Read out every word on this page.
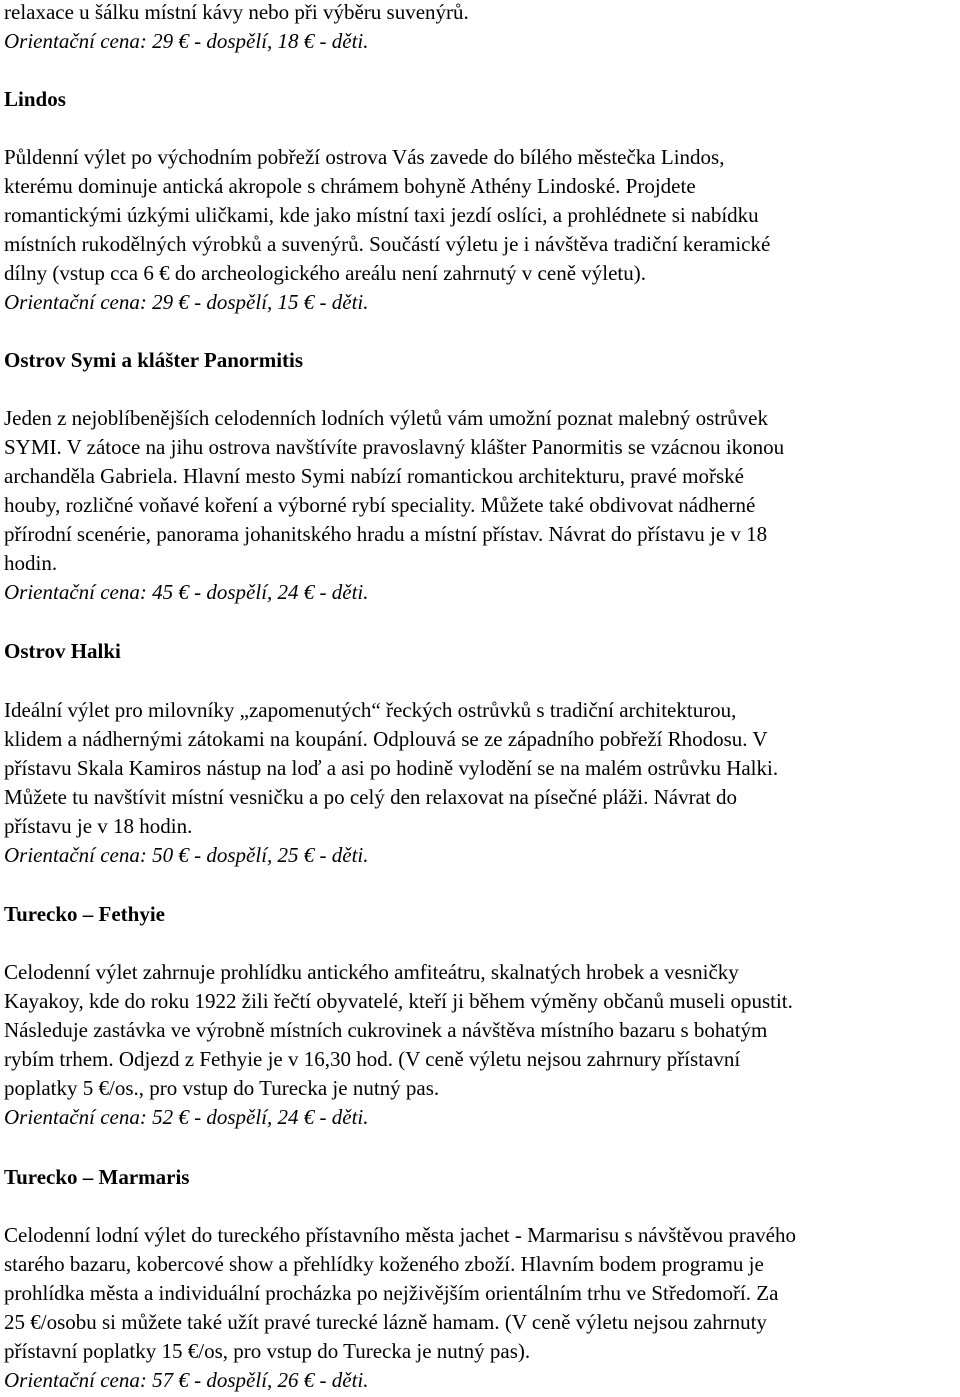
relaxace u šálku místní kávy nebo při výběru suvenýrů.
Orientační cena: 29 € - dospělí, 18 € - děti.
Lindos
Půldenní výlet po východním pobřeží ostrova Vás zavede do bílého městečka Lindos,
kterému dominuje antická akropole s chrámem bohyně Athény Lindoské. Projdete
romantickými úzkými uličkami, kde jako místní taxi jezdí oslíci, a prohlédnete si nabídku
místních rukodělných výrobků a suvenýrů. Součástí výletu je i návštěva tradiční keramické
dílny (vstup cca 6 € do archeologického areálu není zahrnutý v ceně výletu).
Orientační cena: 29 € - dospělí, 15 € - děti.
Ostrov Symi a klášter Panormitis
Jeden z nejoblíbenějších celodenních lodních výletů vám umožní poznat malebný ostrůvek
SYMI. V zátoce na jihu ostrova navštívíte pravoslavný klášter Panormitis se vzácnou ikonou
archanděla Gabriela. Hlavní mesto Symi nabízí romantickou architekturu, pravé mořské
houby, rozličné voňavé koření a výborné rybí speciality. Můžete také obdivovat nádherné
přírodní scenérie, panorama johanitského hradu a místní přístav. Návrat do přístavu je v 18
hodin.
Orientační cena: 45 € - dospělí, 24 € - děti.
Ostrov Halki
Ideální výlet pro milovníky „zapomenutých“ řeckých ostrůvků s tradiční architekturou,
klidem a nádhernými zátokami na koupání. Odplouvá se ze západního pobřeží Rhodosu. V
přístavu Skala Kamiros nástup na loď a asi po hodině vylodění se na malém ostrůvku Halki.
Můžete tu navštívit místní vesničku a po celý den relaxovat na písečné pláži. Návrat do
přístavu je v 18 hodin.
Orientační cena: 50 € - dospělí, 25 € - děti.
Turecko – Fethyie
Celodenní výlet zahrnuje prohlídku antického amfiteátru, skalnatých hrobek a vesničky
Kayakoy, kde do roku 1922 žili řečtí obyvatelé, kteří ji během výměny občanů museli opustit.
Následuje zastávka ve výrobně místních cukrovinek a návštěva místního bazaru s bohatým
rybím trhem. Odjezd z Fethyie je v 16,30 hod. (V ceně výletu nejsou zahrnury přístavní
poplatky 5 €/os., pro vstup do Turecka je nutný pas.
Orientační cena: 52 € - dospělí, 24 € - děti.
Turecko – Marmaris
Celodenní lodní výlet do tureckého přístavního města jachet - Marmarisu s návštěvou pravého
starého bazaru, kobercové show a přehlídky koženého zboží. Hlavním bodem programu je
prohlídka města a individuální procházka po nejživějším orientálním trhu ve Středomoří. Za
25 €/osobu si můžete také užít pravé turecké lázně hamam. (V ceně výletu nejsou zahrnuty
přístavní poplatky 15 €/os, pro vstup do Turecka je nutný pas).
Orientační cena: 57 € - dospělí, 26 € - děti.
